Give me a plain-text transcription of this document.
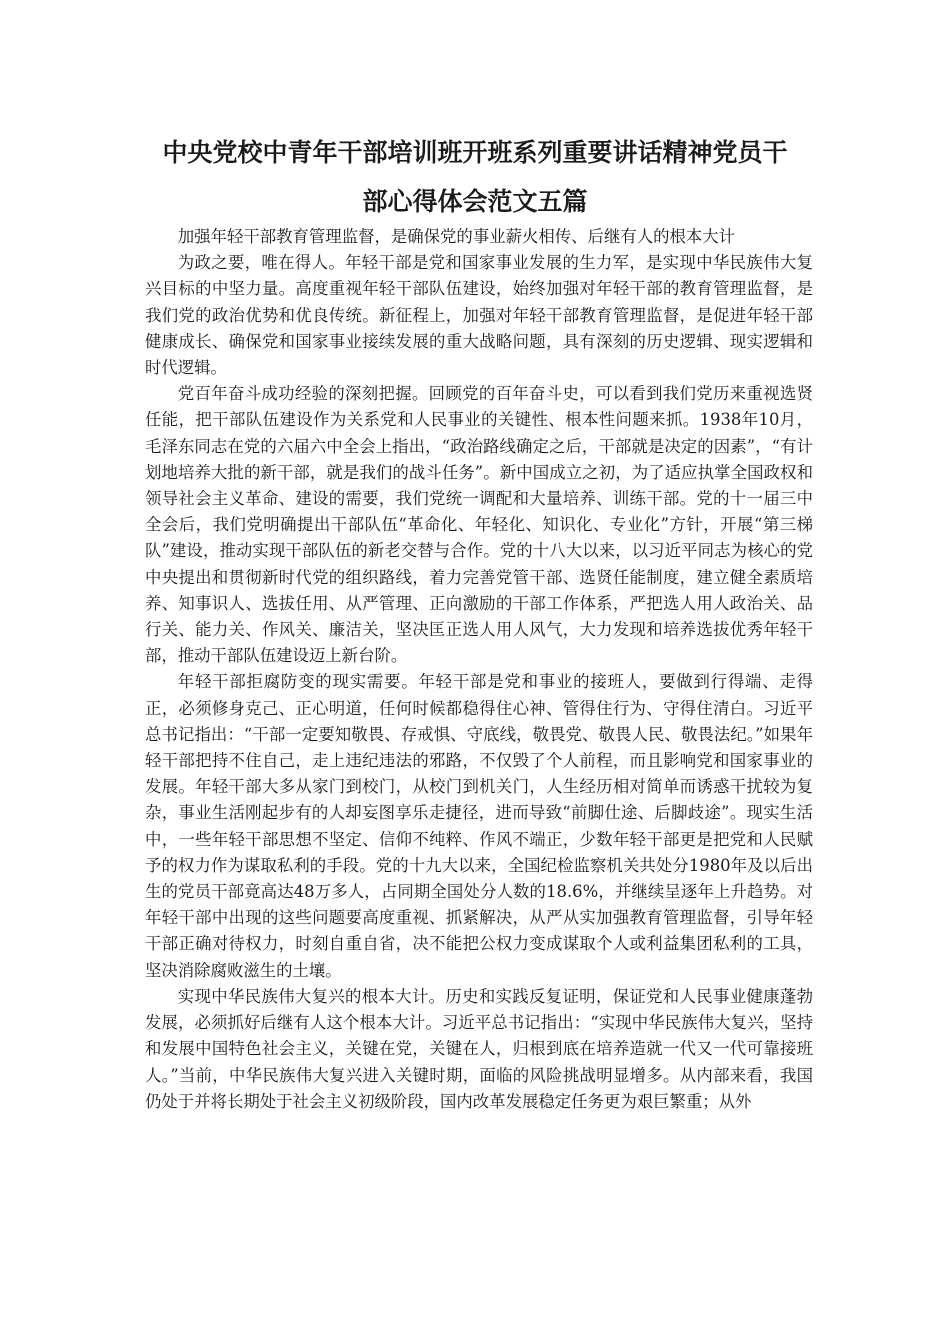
中央党校中青年干部培训班开班系列重要讲话精神党员干
部心得体会范文五篇

加强年轻干部教育管理监督，是确保党的事业薪火相传、后继有人的根本大计

为政之要，唯在得人。年轻干部是党和国家事业发展的生力军，是实现中华民族伟大复兴目标的中坚力量。高度重视年轻干部队伍建设，始终加强对年轻干部的教育管理监督，是我们党的政治优势和优良传统。新征程上，加强对年轻干部教育管理监督，是促进年轻干部健康成长、确保党和国家事业接续发展的重大战略问题，具有深刻的历史逻辑、现实逻辑和时代逻辑。

党百年奋斗成功经验的深刻把握。回顾党的百年奋斗史，可以看到我们党历来重视选贤任能，把干部队伍建设作为关系党和人民事业的关键性、根本性问题来抓。1938年10月，毛泽东同志在党的六届六中全会上指出，“政治路线确定之后，干部就是决定的因素”，“有计划地培养大批的新干部，就是我们的战斗任务”。新中国成立之初，为了适应执掌全国政权和领导社会主义革命、建设的需要，我们党统一调配和大量培养、训练干部。党的十一届三中全会后，我们党明确提出干部队伍“革命化、年轻化、知识化、专业化”方针，开展“第三梯队”建设，推动实现干部队伍的新老交替与合作。党的十八大以来，以习近平同志为核心的党中央提出和贯彻新时代党的组织路线，着力完善党管干部、选贤任能制度，建立健全素质培养、知事识人、选拔任用、从严管理、正向激励的干部工作体系，严把选人用人政治关、品行关、能力关、作风关、廉洁关，坚决匡正选人用人风气，大力发现和培养选拔优秀年轻干部，推动干部队伍建设迈上新台阶。

年轻干部拒腐防变的现实需要。年轻干部是党和事业的接班人，要做到行得端、走得正，必须修身克己、正心明道，任何时候都稳得住心神、管得住行为、守得住清白。习近平总书记指出：“干部一定要知敬畏、存戒惧、守底线，敬畏党、敬畏人民、敬畏法纪。”如果年轻干部把持不住自己，走上违纪违法的邪路，不仅毁了个人前程，而且影响党和国家事业的发展。年轻干部大多从家门到校门，从校门到机关门，人生经历相对简单而诱惑干扰较为复杂，事业生活刚起步有的人却妄图享乐走捷径，进而导致“前脚仕途、后脚歧途”。现实生活中，一些年轻干部思想不坚定、信仰不纯粹、作风不端正，少数年轻干部更是把党和人民赋予的权力作为谋取私利的手段。党的十九大以来，全国纪检监察机关共处分1980年及以后出生的党员干部竟高达48万多人，占同期全国处分人数的18.6%，并继续呈逐年上升趋势。对年轻干部中出现的这些问题要高度重视、抓紧解决，从严从实加强教育管理监督，引导年轻干部正确对待权力，时刻自重自省，决不能把公权力变成谋取个人或利益集团私利的工具，坚决消除腐败滋生的土壤。

实现中华民族伟大复兴的根本大计。历史和实践反复证明，保证党和人民事业健康蓬勃发展，必须抓好后继有人这个根本大计。习近平总书记指出：“实现中华民族伟大复兴，坚持和发展中国特色社会主义，关键在党，关键在人，归根到底在培养造就一代又一代可靠接班人。”当前，中华民族伟大复兴进入关键时期，面临的风险挑战明显增多。从内部来看，我国仍处于并将长期处于社会主义初级阶段，国内改革发展稳定任务更为艰巨繁重；从外
